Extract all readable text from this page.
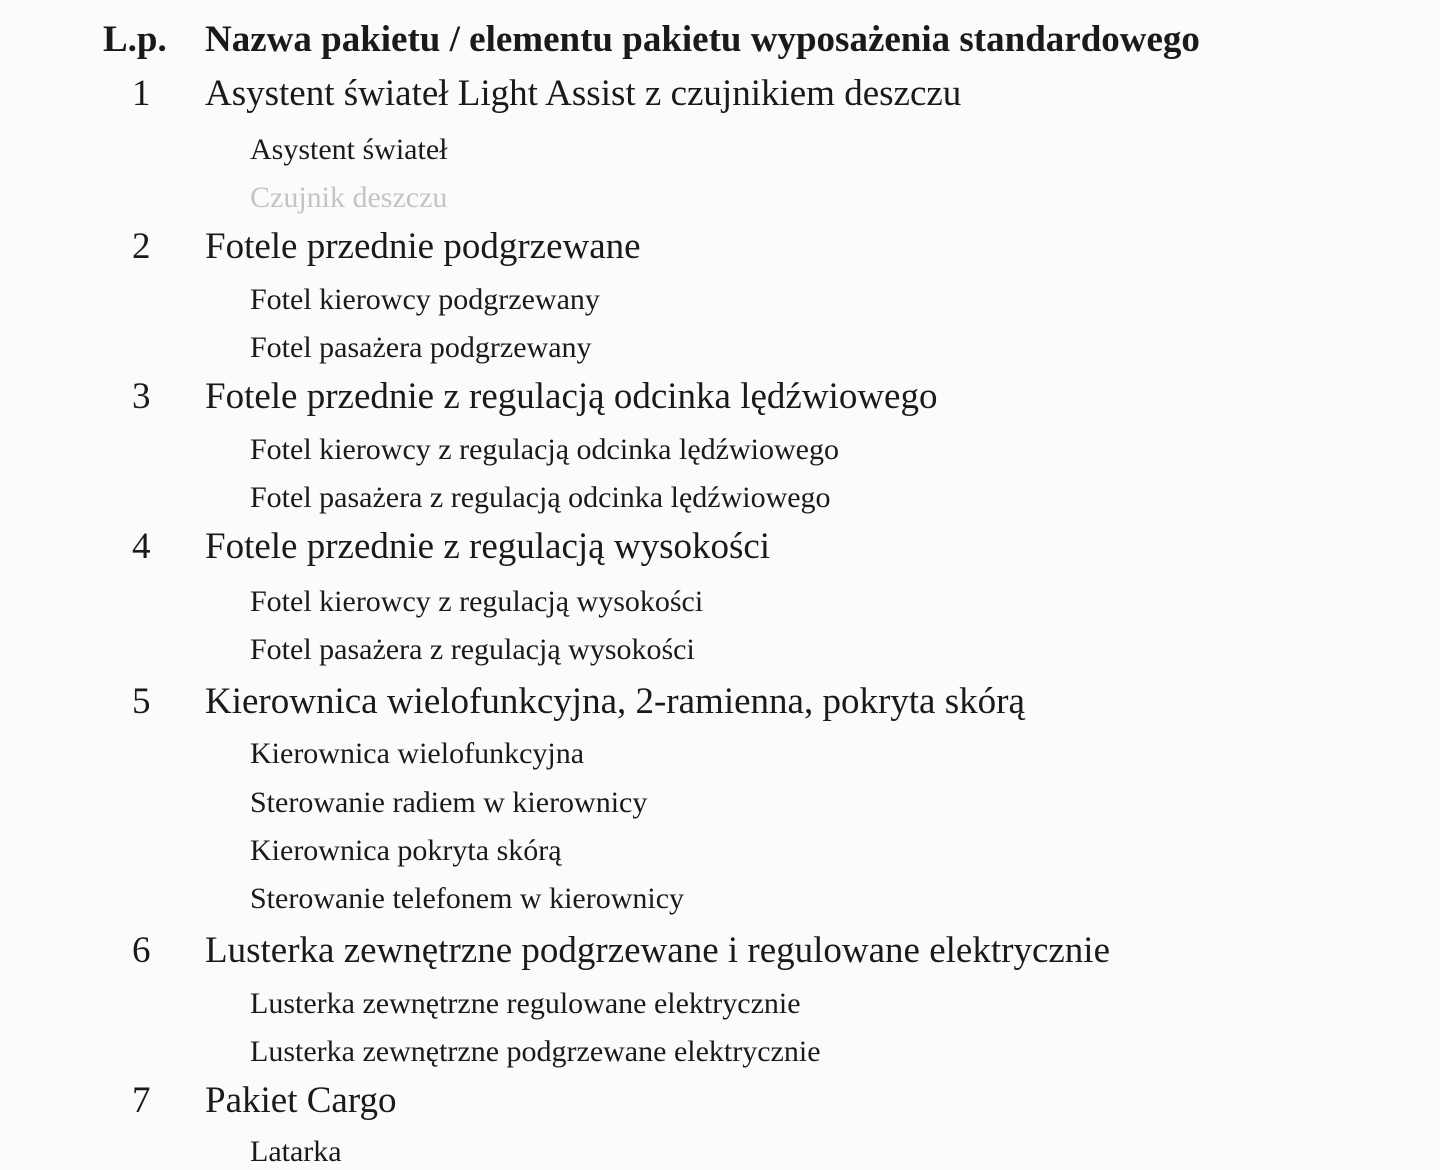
L.p. Nazwa pakietu / elementu pakietu wyposażenia standardowego
1 Asystent świateł Light Assist z czujnikiem deszczu
Asystent świateł
Czujnik deszczu
2 Fotele przednie podgrzewane
Fotel kierowcy podgrzewany
Fotel pasażera podgrzewany
3 Fotele przednie z regulacją odcinka lędźwiowego
Fotel kierowcy z regulacją odcinka lędźwiowego
Fotel pasażera z regulacją odcinka lędźwiowego
4 Fotele przednie z regulacją wysokości
Fotel kierowcy z regulacją wysokości
Fotel pasażera z regulacją wysokości
5 Kierownica wielofunkcyjna, 2-ramienna, pokryta skórą
Kierownica wielofunkcyjna
Sterowanie radiem w kierownicy
Kierownica pokryta skórą
Sterowanie telefonem w kierownicy
6 Lusterka zewnętrzne podgrzewane i regulowane elektrycznie
Lusterka zewnętrzne regulowane elektrycznie
Lusterka zewnętrzne podgrzewane elektrycznie
7 Pakiet Cargo
Latarka
